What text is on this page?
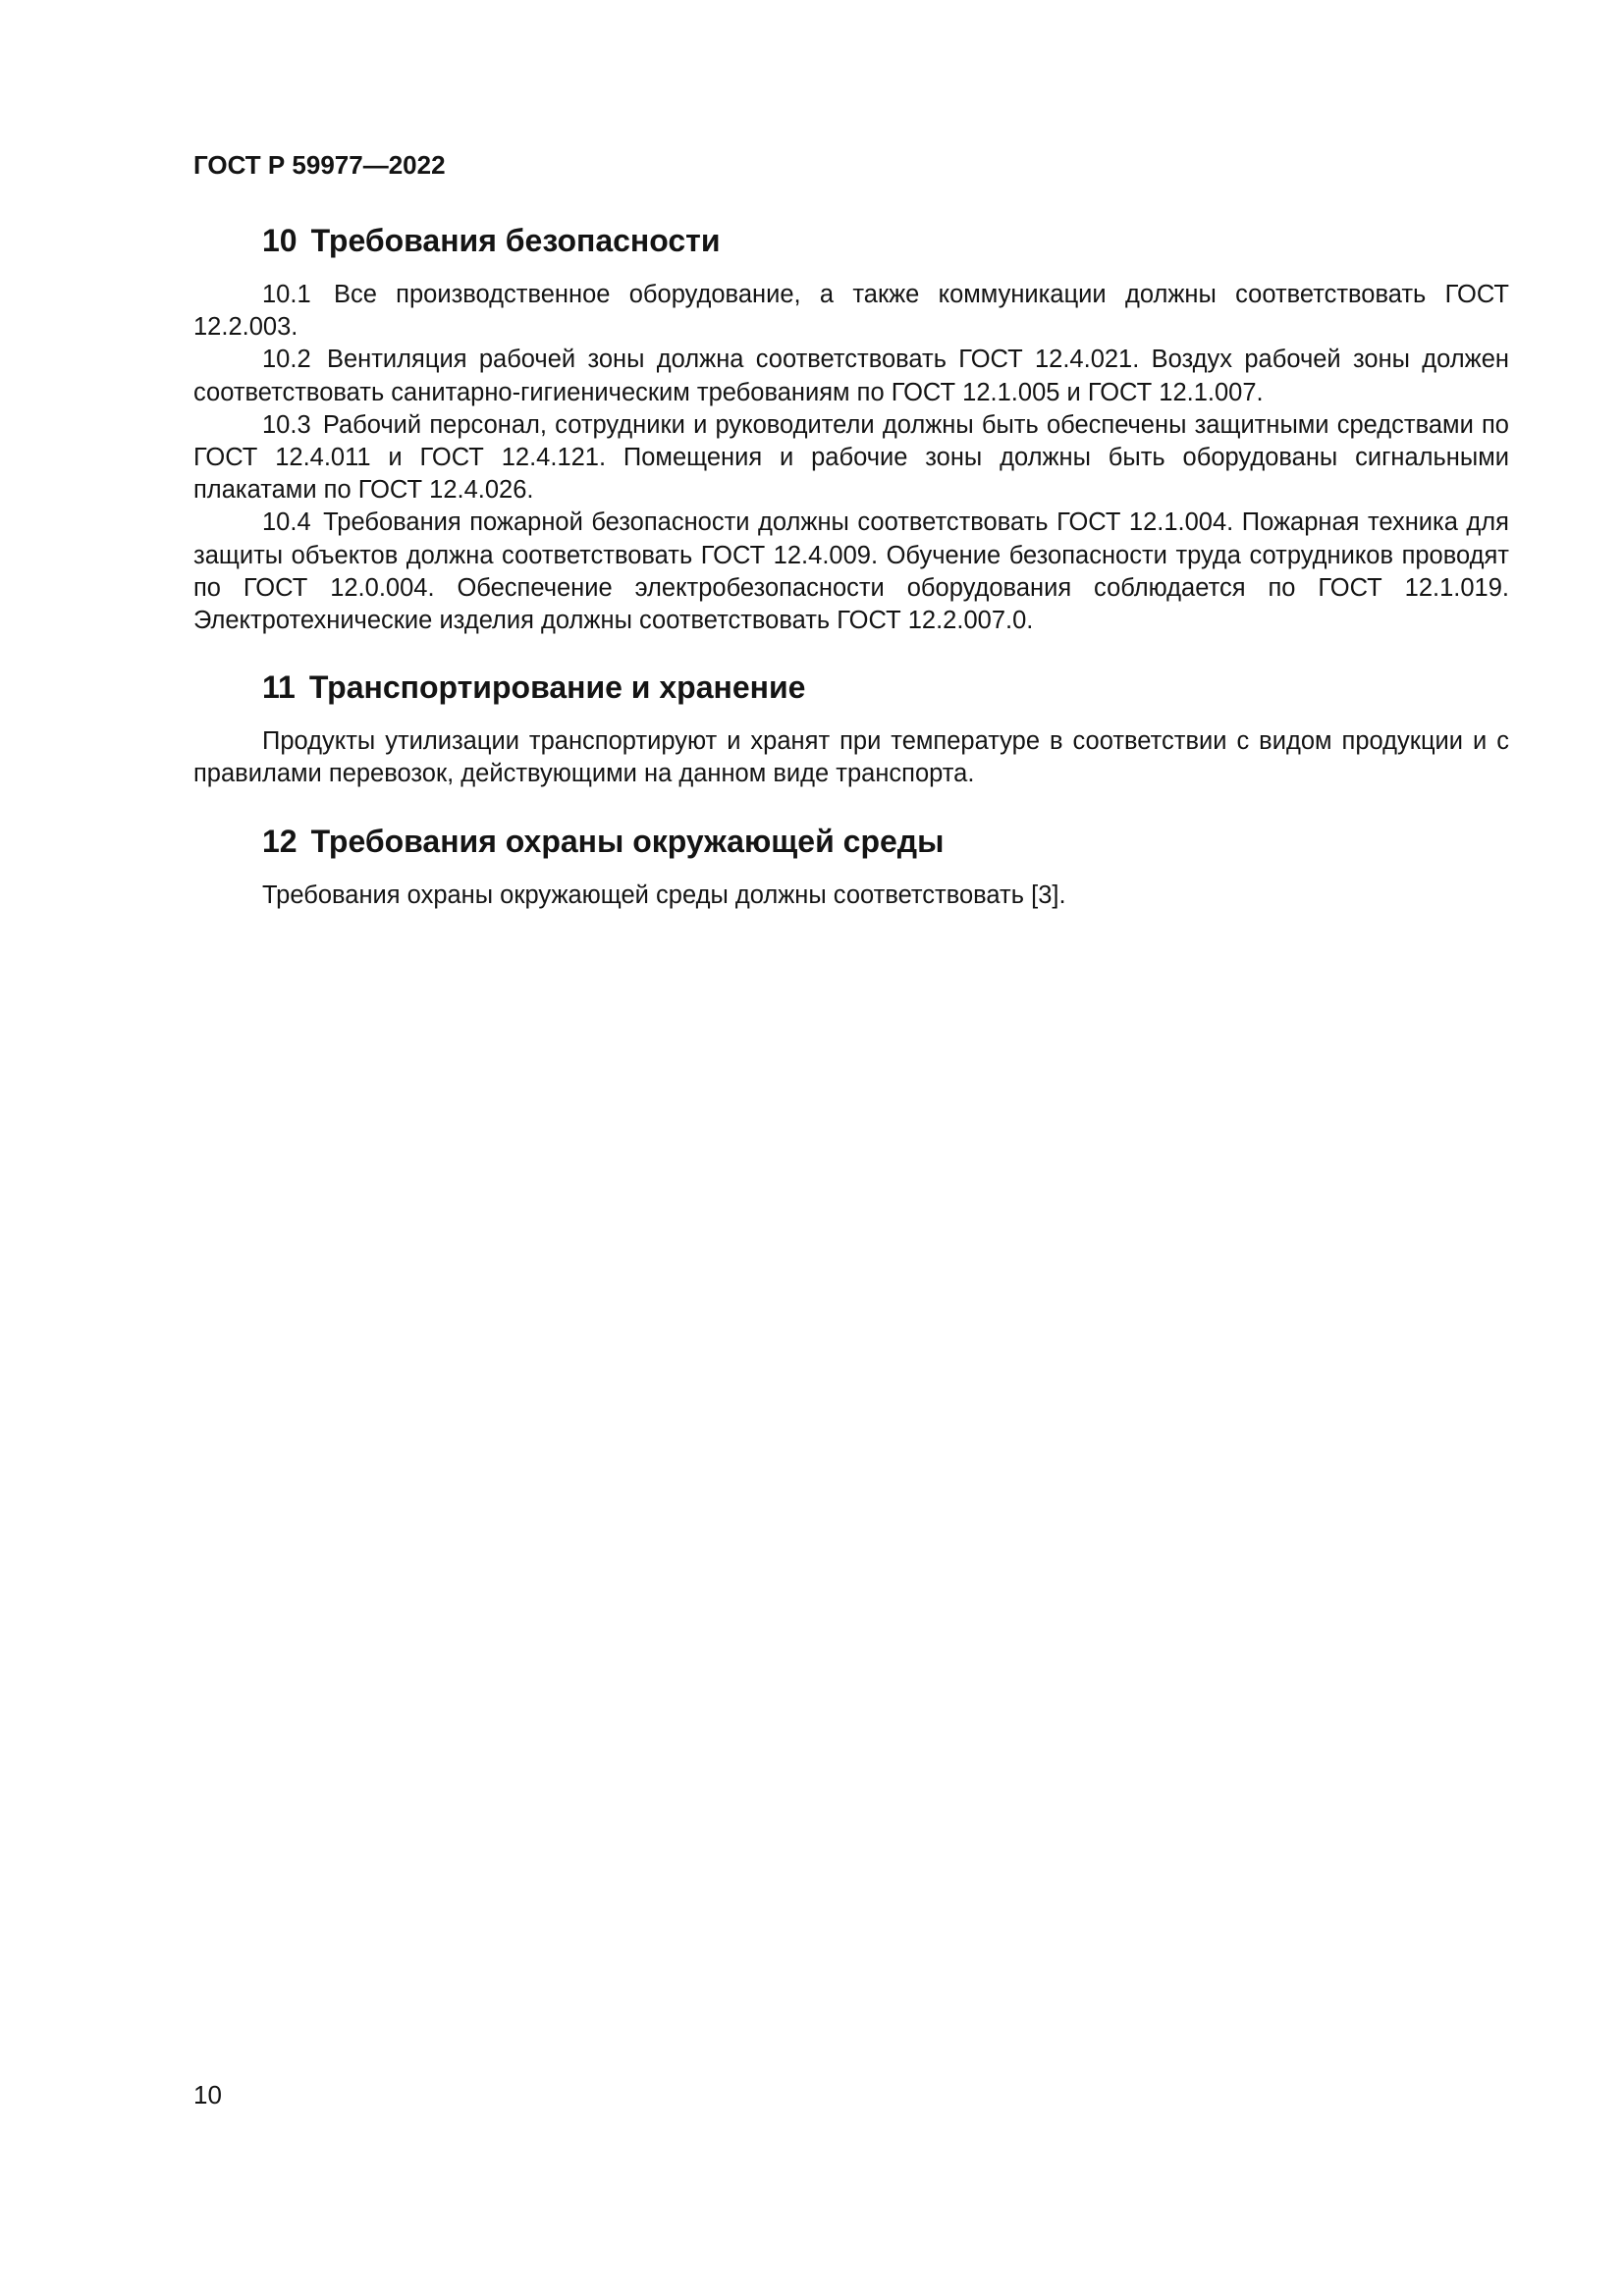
ГОСТ Р 59977—2022
10 Требования безопасности

10.1 Все производственное оборудование, а также коммуникации должны соответствовать ГОСТ 12.2.003.

10.2 Вентиляция рабочей зоны должна соответствовать ГОСТ 12.4.021. Воздух рабочей зоны должен соответствовать санитарно-гигиеническим требованиям по ГОСТ 12.1.005 и ГОСТ 12.1.007.

10.3 Рабочий персонал, сотрудники и руководители должны быть обеспечены защитными средствами по ГОСТ 12.4.011 и ГОСТ 12.4.121. Помещения и рабочие зоны должны быть оборудованы сигнальными плакатами по ГОСТ 12.4.026.

10.4 Требования пожарной безопасности должны соответствовать ГОСТ 12.1.004. Пожарная техника для защиты объектов должна соответствовать ГОСТ 12.4.009. Обучение безопасности труда сотрудников проводят по ГОСТ 12.0.004. Обеспечение электробезопасности оборудования соблюдается по ГОСТ 12.1.019. Электротехнические изделия должны соответствовать ГОСТ 12.2.007.0.

11 Транспортирование и хранение

Продукты утилизации транспортируют и хранят при температуре в соответствии с видом продукции и с правилами перевозок, действующими на данном виде транспорта.

12 Требования охраны окружающей среды

Требования охраны окружающей среды должны соответствовать [3].

10
